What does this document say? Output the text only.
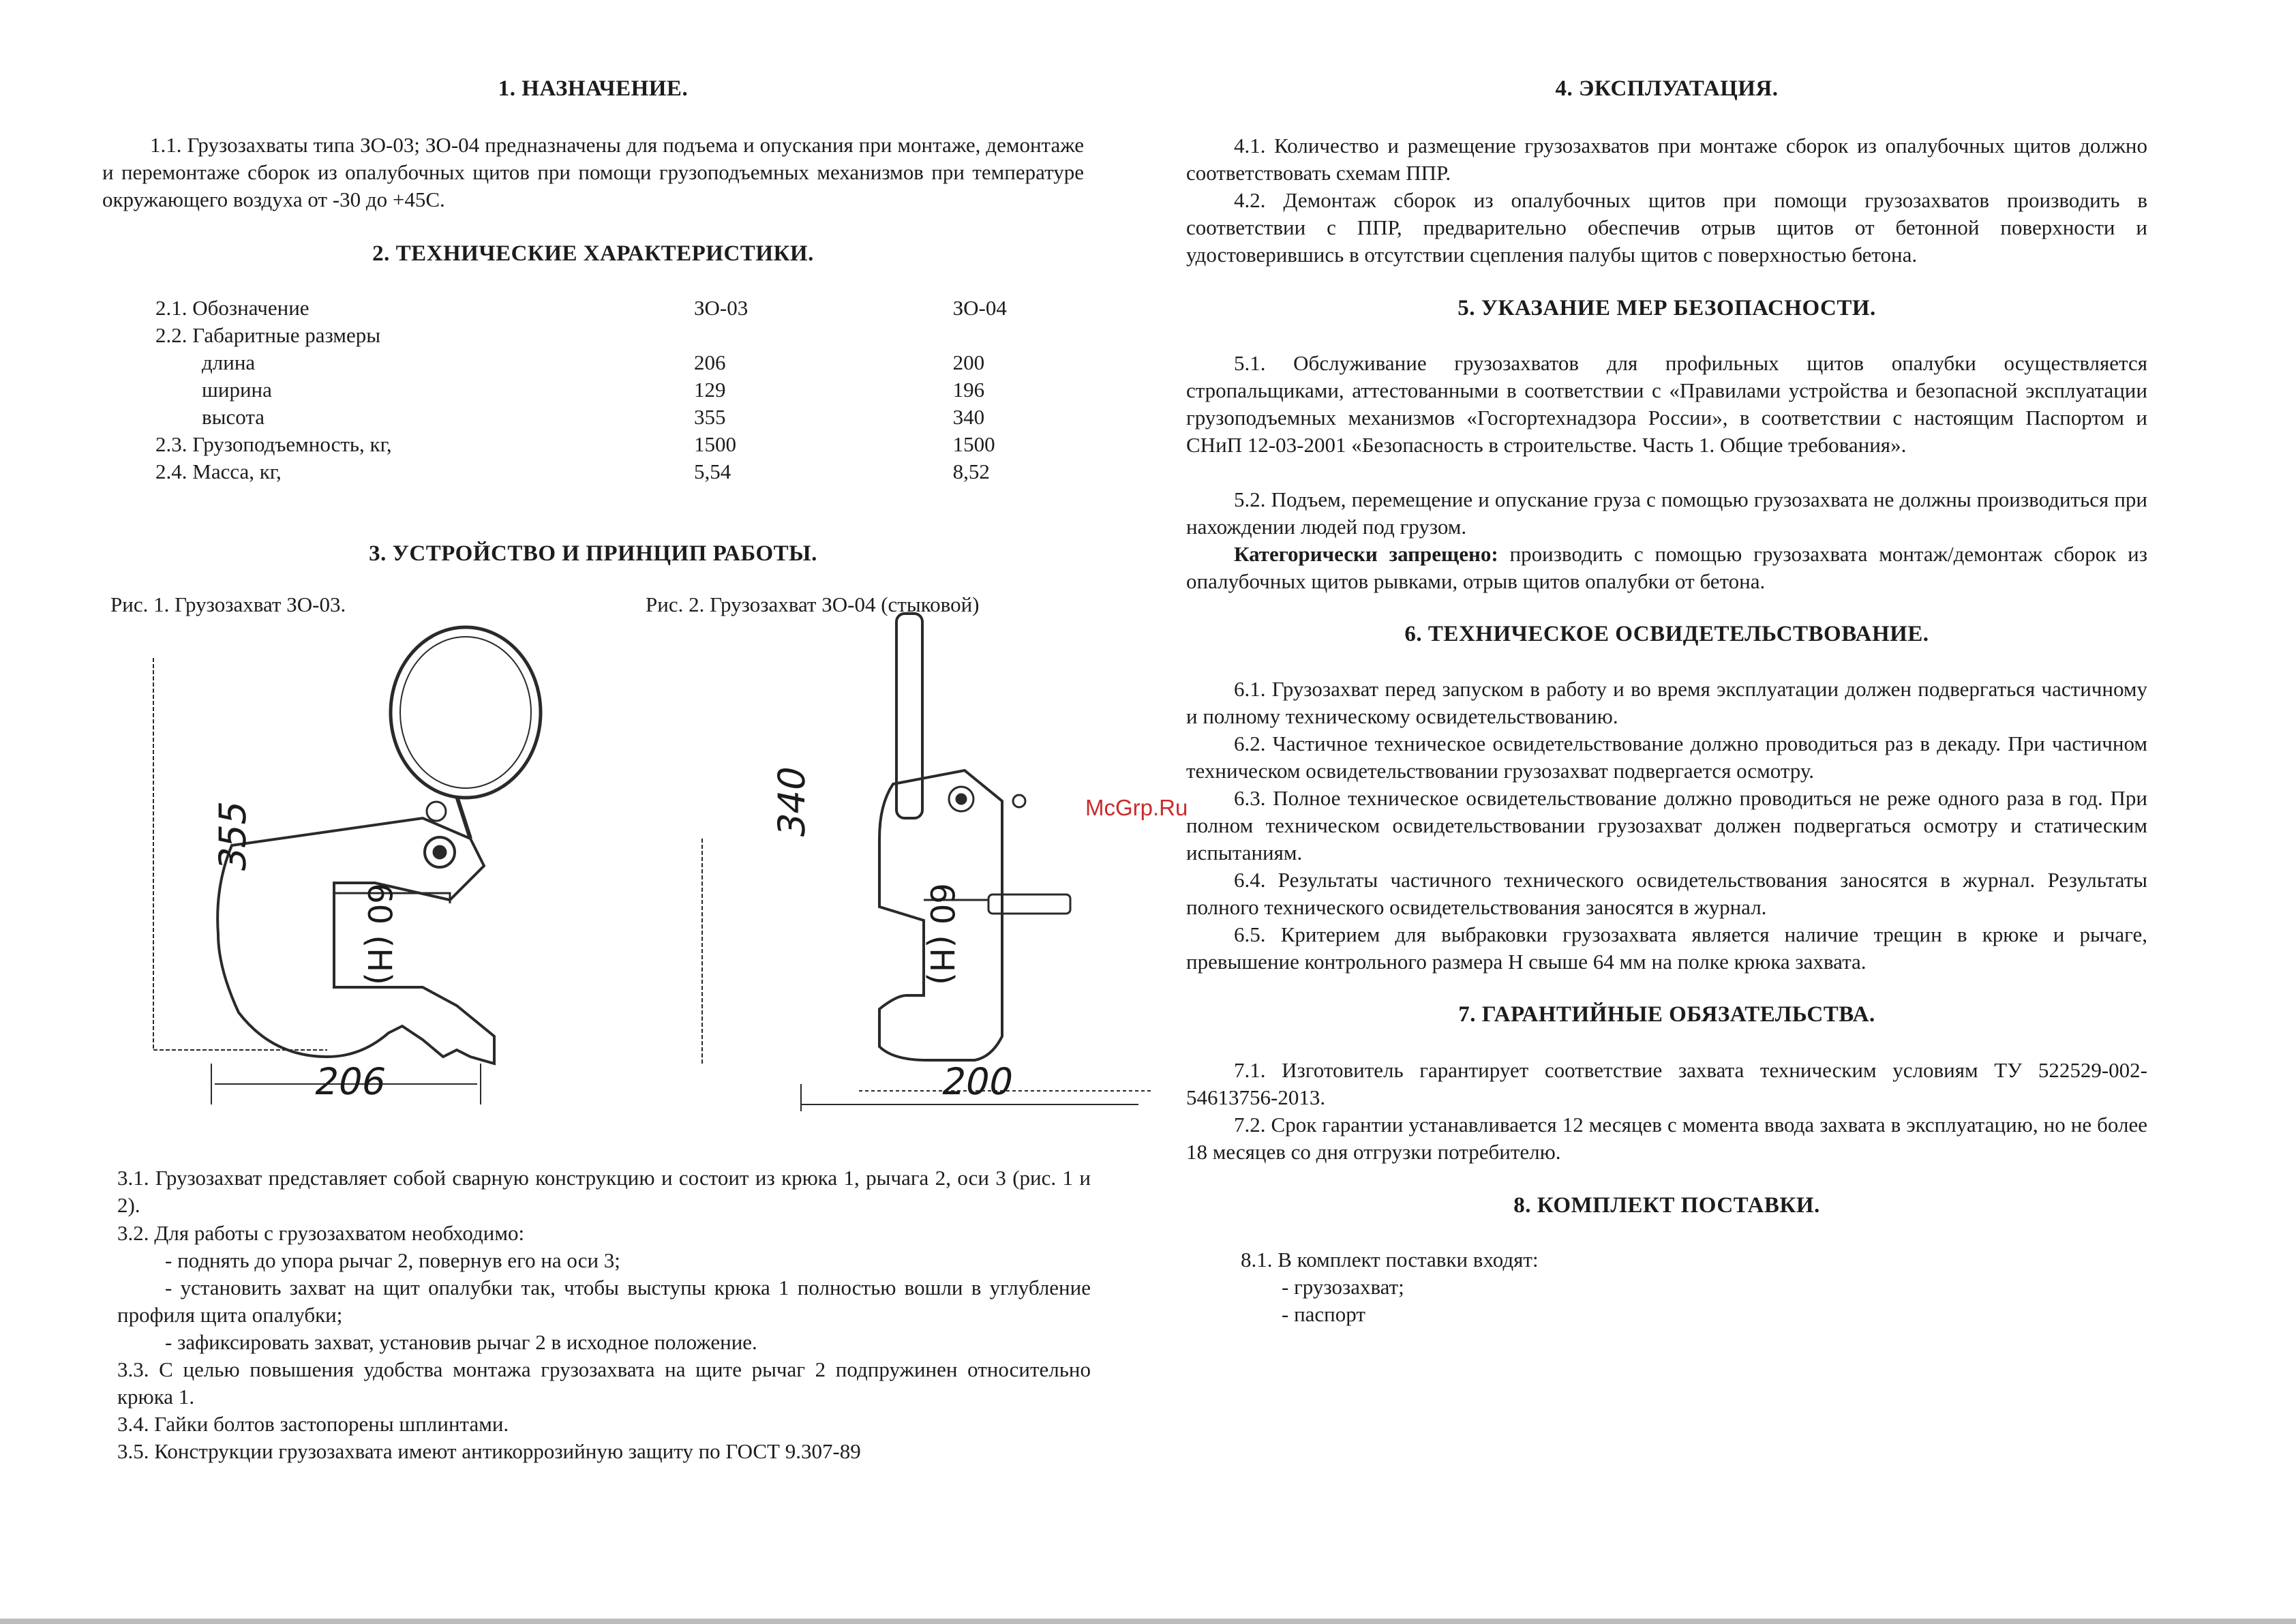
1. НАЗНАЧЕНИЕ.

1.1. Грузозахваты типа ЗО-03; ЗО-04 предназначены для подъема и опускания при монтаже, демонтаже и перемонтаже сборок из опалубочных щитов при помощи грузоподъемных механизмов при температуре окружающего воздуха от -30 до +45С.

2. ТЕХНИЧЕСКИЕ ХАРАКТЕРИСТИКИ.
2.1. Обозначение	ЗО-03	ЗО-04
2.2. Габаритные размеры		
длина	206	200
ширина	129	196
высота	355	340
2.3. Грузоподъемность, кг,	1500	1500
2.4. Масса, кг,	5,54	8,52
3. УСТРОЙСТВО И ПРИНЦИП РАБОТЫ.
Рис. 1. Грузозахват ЗО-03.	Рис. 2. Грузозахват ЗО-04 (стыковой)
355
206
60 (H)
340
200
60 (H)

3.1. Грузозахват представляет собой сварную конструкцию и состоит из крюка 1, рычага 2, оси 3 (рис. 1 и 2).

3.2. Для работы с грузозахватом необходимо:

- поднять до упора рычаг 2, повернув его на оси 3;

- установить захват на щит опалубки так, чтобы выступы крюка 1 полностью вошли в углубление профиля щита опалубки;

- зафиксировать захват, установив рычаг 2 в исходное положение.

3.3. С целью повышения удобства монтажа грузозахвата на щите рычаг 2 подпружинен относительно крюка 1.

3.4. Гайки болтов застопорены шплинтами.

3.5. Конструкции грузозахвата имеют антикоррозийную защиту по ГОСТ 9.307-89

McGrp.Ru
4. ЭКСПЛУАТАЦИЯ.

4.1. Количество и размещение грузозахватов при монтаже сборок из опалубочных щитов должно соответствовать схемам ППР.

4.2. Демонтаж сборок из опалубочных щитов при помощи грузозахватов производить в соответствии с ППР, предварительно обеспечив отрыв щитов от бетонной поверхности и удостоверившись в отсутствии сцепления палубы щитов с поверхностью бетона.

5. УКАЗАНИЕ МЕР БЕЗОПАСНОСТИ.

5.1. Обслуживание грузозахватов для профильных щитов опалубки осуществляется стропальщиками, аттестованными в соответствии с «Правилами устройства и безопасной эксплуатации грузоподъемных механизмов «Госгортехнадзора России», в соответствии с настоящим Паспортом и СНиП 12-03-2001 «Безопасность в строительстве. Часть 1. Общие требования».

5.2. Подъем, перемещение и опускание груза с помощью грузозахвата не должны производиться при нахождении людей под грузом.

Категорически запрещено: производить с помощью грузозахвата монтаж/демонтаж сборок из опалубочных щитов рывками, отрыв щитов опалубки от бетона.

6. ТЕХНИЧЕСКОЕ ОСВИДЕТЕЛЬСТВОВАНИЕ.

6.1. Грузозахват перед запуском в работу и во время эксплуатации должен подвергаться частичному и полному техническому освидетельствованию.

6.2. Частичное техническое освидетельствование должно проводиться раз в декаду. При частичном техническом освидетельствовании грузозахват подвергается осмотру.

6.3. Полное техническое освидетельствование должно проводиться не реже одного раза в год. При полном техническом освидетельствовании грузозахват должен подвергаться осмотру и статическим испытаниям.

6.4. Результаты частичного технического освидетельствования заносятся в журнал. Результаты полного технического освидетельствования заносятся в журнал.

6.5. Критерием для выбраковки грузозахвата является наличие трещин в крюке и рычаге, превышение контрольного размера Н свыше 64 мм на полке крюка захвата.

7. ГАРАНТИЙНЫЕ ОБЯЗАТЕЛЬСТВА.

7.1. Изготовитель гарантирует соответствие захвата техническим условиям ТУ 522529-002-54613756-2013.

7.2. Срок гарантии устанавливается 12 месяцев с момента ввода захвата в эксплуатацию, но не более 18 месяцев со дня отгрузки потребителю.

8. КОМПЛЕКТ ПОСТАВКИ.

8.1. В комплект поставки входят:

- грузозахват;

- паспорт
